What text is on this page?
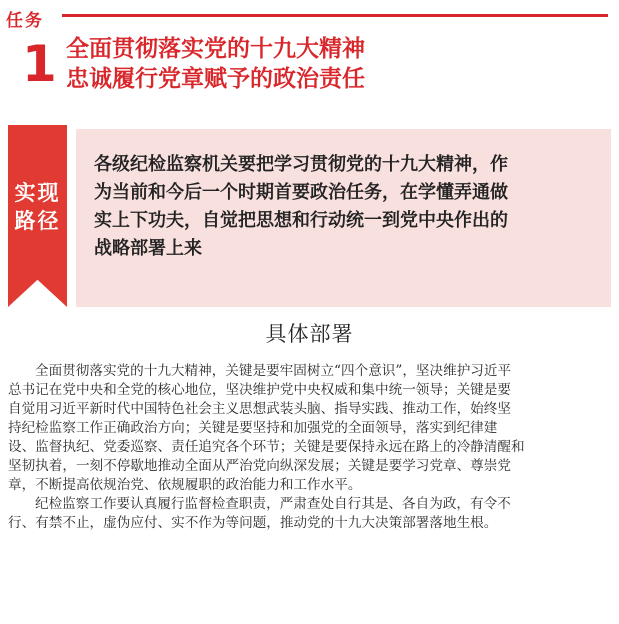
任务
1 全面贯彻落实党的十九大精神
忠诚履行党章赋予的政治责任
实现
路径
各级纪检监察机关要把学习贯彻党的十九大精神，作
为当前和今后一个时期首要政治任务，在学懂弄通做
实上下功夫，自觉把思想和行动统一到党中央作出的
战略部署上来
具体部署
全面贯彻落实党的十九大精神，关键是要牢固树立“四个意识”，坚决维护习近平
总书记在党中央和全党的核心地位，坚决维护党中央权威和集中统一领导；关键是要
自觉用习近平新时代中国特色社会主义思想武装头脑、指导实践、推动工作，始终坚
持纪检监察工作正确政治方向；关键是要坚持和加强党的全面领导，落实到纪律建
设、监督执纪、党委巡察、责任追究各个环节；关键是要保持永远在路上的冷静清醒和
坚韧执着，一刻不停歇地推动全面从严治党向纵深发展；关键是要学习党章、尊崇党
章，不断提高依规治党、依规履职的政治能力和工作水平。
纪检监察工作要认真履行监督检查职责，严肃查处自行其是、各自为政，有令不
行、有禁不止，虚伪应付、实不作为等问题，推动党的十九大决策部署落地生根。
